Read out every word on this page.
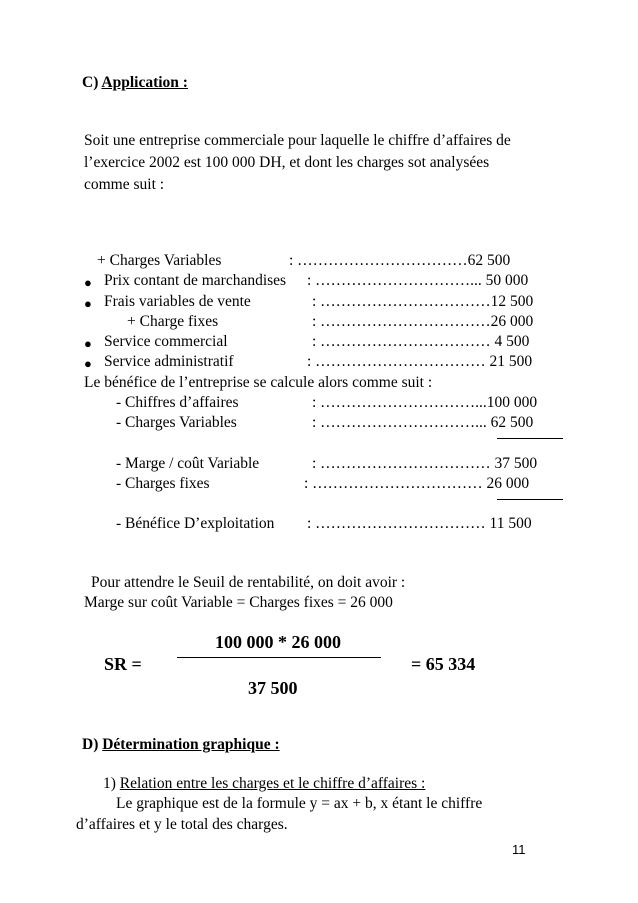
C) Application :
Soit une entreprise commerciale pour laquelle le chiffre d’affaires de
l’exercice 2002 est 100 000 DH, et dont les charges sot analysées
comme suit :
+ Charges Variables	: ……………………………62 500
● Prix contant de marchandises : …………………………... 50 000
● Frais variables de vente	: ……………………………12 500
+ Charge fixes	: ……………………………26 000
● Service commercial	: …………………………… 4 500
● Service administratif	: …………………………… 21 500
Le bénéfice de l’entreprise se calcule alors comme suit :
- Chiffres d’affaires	: …………………………...100 000
- Charges Variables	: …………………………... 62 500
- Marge / coût Variable	: …………………………… 37 500
- Charges fixes	: …………………………… 26 000
- Bénéfice D’exploitation : …………………………… 11 500
Pour attendre le Seuil de rentabilité, on doit avoir :
Marge sur coût Variable = Charges fixes = 26 000
100 000 * 26 000
SR =	= 65 334
37 500
D) Détermination graphique :
1) Relation entre les charges et le chiffre d’affaires :
Le graphique est de la formule y = ax + b, x étant le chiffre
d’affaires et y le total des charges.
11
